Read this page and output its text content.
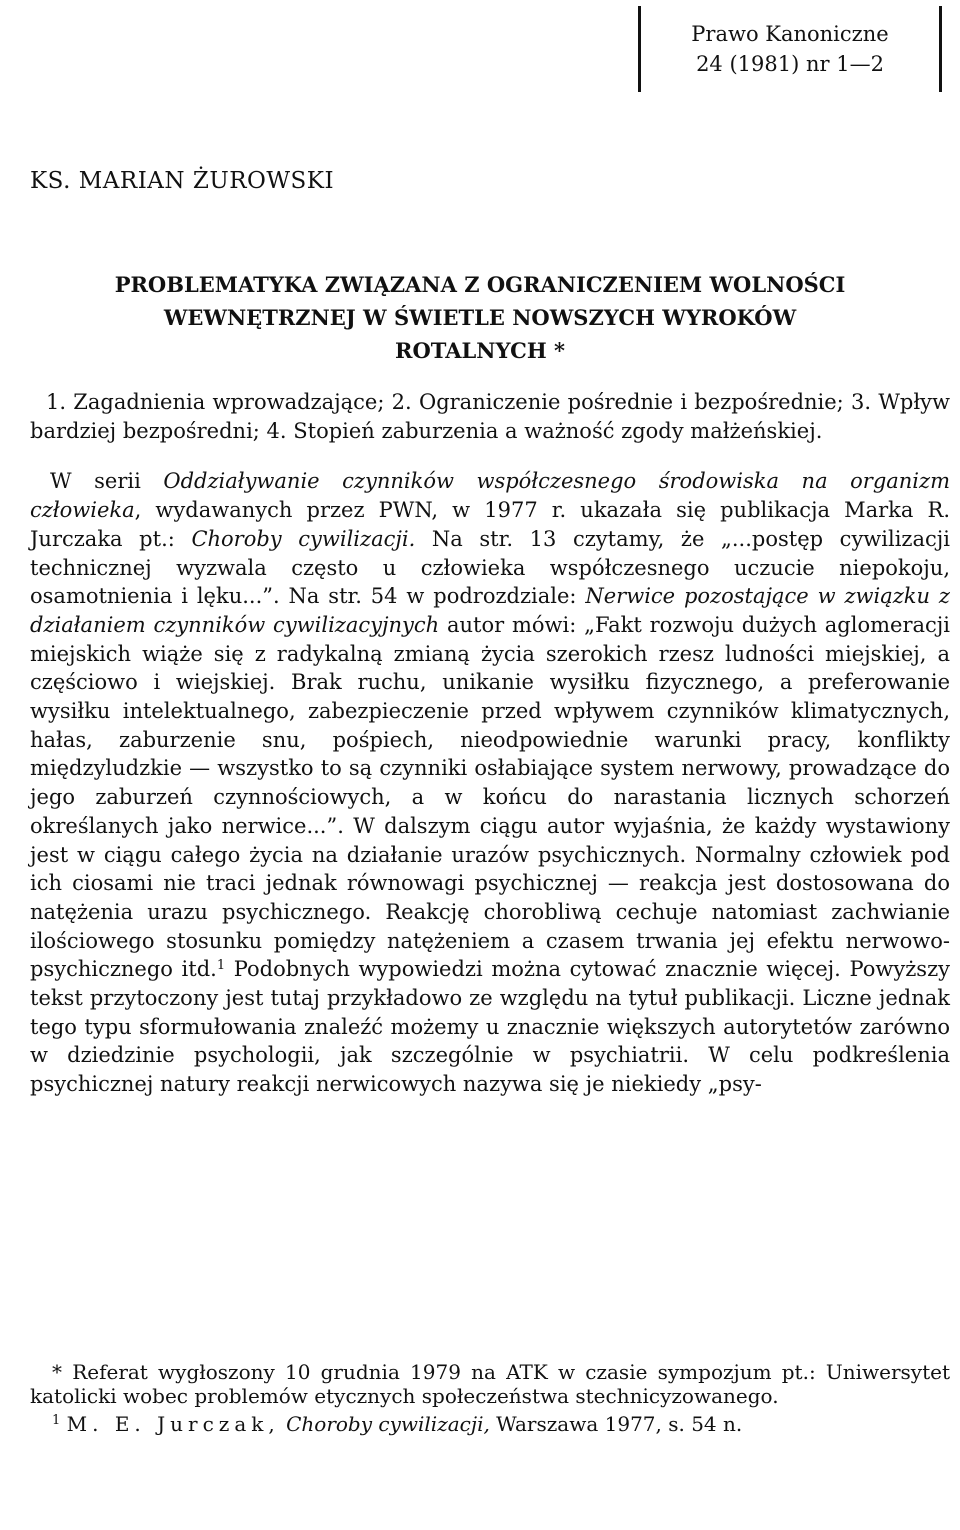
Prawo Kanoniczne
24 (1981) nr 1—2
KS. MARIAN ŻUROWSKI
PROBLEMATYKA ZWIĄZANA Z OGRANICZENIEM WOLNOŚCI
WEWNĘTRZNEJ W ŚWIETLE NOWSZYCH WYROKÓW
ROTALNYCH *

1. Zagadnienia wprowadzające; 2. Ograniczenie pośrednie i bezpośrednie; 3. Wpływ bardziej bezpośredni; 4. Stopień zaburzenia a ważność zgody małżeńskiej.

W serii Oddziaływanie czynników współczesnego środowiska na organizm człowieka, wydawanych przez PWN, w 1977 r. ukazała się publikacja Marka R. Jurczaka pt.: Choroby cywilizacji. Na str. 13 czytamy, że „...postęp cywilizacji technicznej wyzwala często u człowieka współczesnego uczucie niepokoju, osamotnienia i lęku...”. Na str. 54 w podrozdziale: Nerwice pozostające w związku z działaniem czynników cywilizacyjnych autor mówi: „Fakt rozwoju dużych aglomeracji miejskich wiąże się z radykalną zmianą życia szerokich rzesz ludności miejskiej, a częściowo i wiejskiej. Brak ruchu, unikanie wysiłku fizycznego, a preferowanie wysiłku intelektualnego, zabezpieczenie przed wpływem czynników klimatycznych, hałas, zaburzenie snu, pośpiech, nieodpowiednie warunki pracy, konflikty międzyludzkie — wszystko to są czynniki osłabiające system nerwowy, prowadzące do jego zaburzeń czynnościowych, a w końcu do narastania licznych schorzeń określanych jako nerwice...”. W dalszym ciągu autor wyjaśnia, że każdy wystawiony jest w ciągu całego życia na działanie urazów psychicznych. Normalny człowiek pod ich ciosami nie traci jednak równowagi psychicznej — reakcja jest dostosowana do natężenia urazu psychicznego. Reakcję chorobliwą cechuje natomiast zachwianie ilościowego stosunku pomiędzy natężeniem a czasem trwania jej efektu nerwowo-psychicznego itd.$^1$ Podobnych wypowiedzi można cytować znacznie więcej. Powyższy tekst przytoczony jest tutaj przykładowo ze względu na tytuł publikacji. Liczne jednak tego typu sformułowania znaleźć możemy u znacznie większych autorytetów zarówno w dziedzinie psychologii, jak szczególnie w psychiatrii. W celu podkreślenia psychicznej natury reakcji nerwicowych nazywa się je niekiedy „psy-

* Referat wygłoszony 10 grudnia 1979 na ATK w czasie sympozjum pt.: Uniwersytet katolicki wobec problemów etycznych społeczeństwa stechnicyzowanego.

$^1$ M. E. Jurczak, Choroby cywilizacji, Warszawa 1977, s. 54 n.
